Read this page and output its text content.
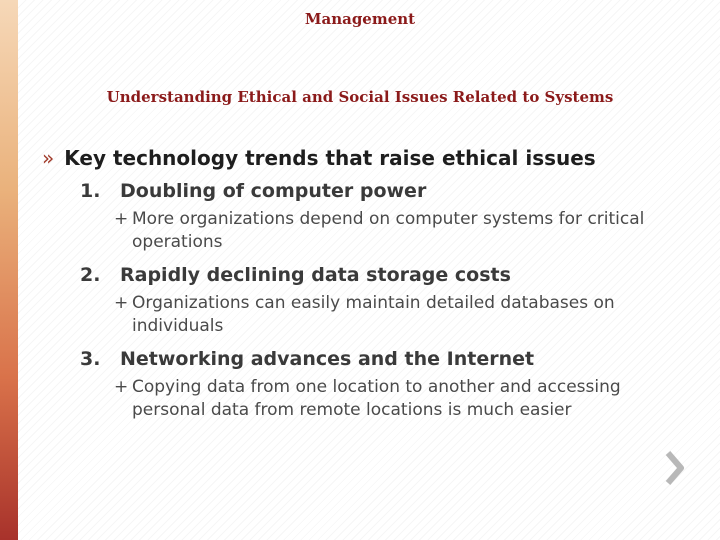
Management
Understanding Ethical and Social Issues Related to Systems
» Key technology trends that raise ethical issues
1.	Doubling of computer power
+ More organizations depend on computer systems for critical operations
2.	Rapidly declining data storage costs
+ Organizations can easily maintain detailed databases on individuals
3.	Networking advances and the Internet
+ Copying data from one location to another and accessing personal data from remote locations is much easier
